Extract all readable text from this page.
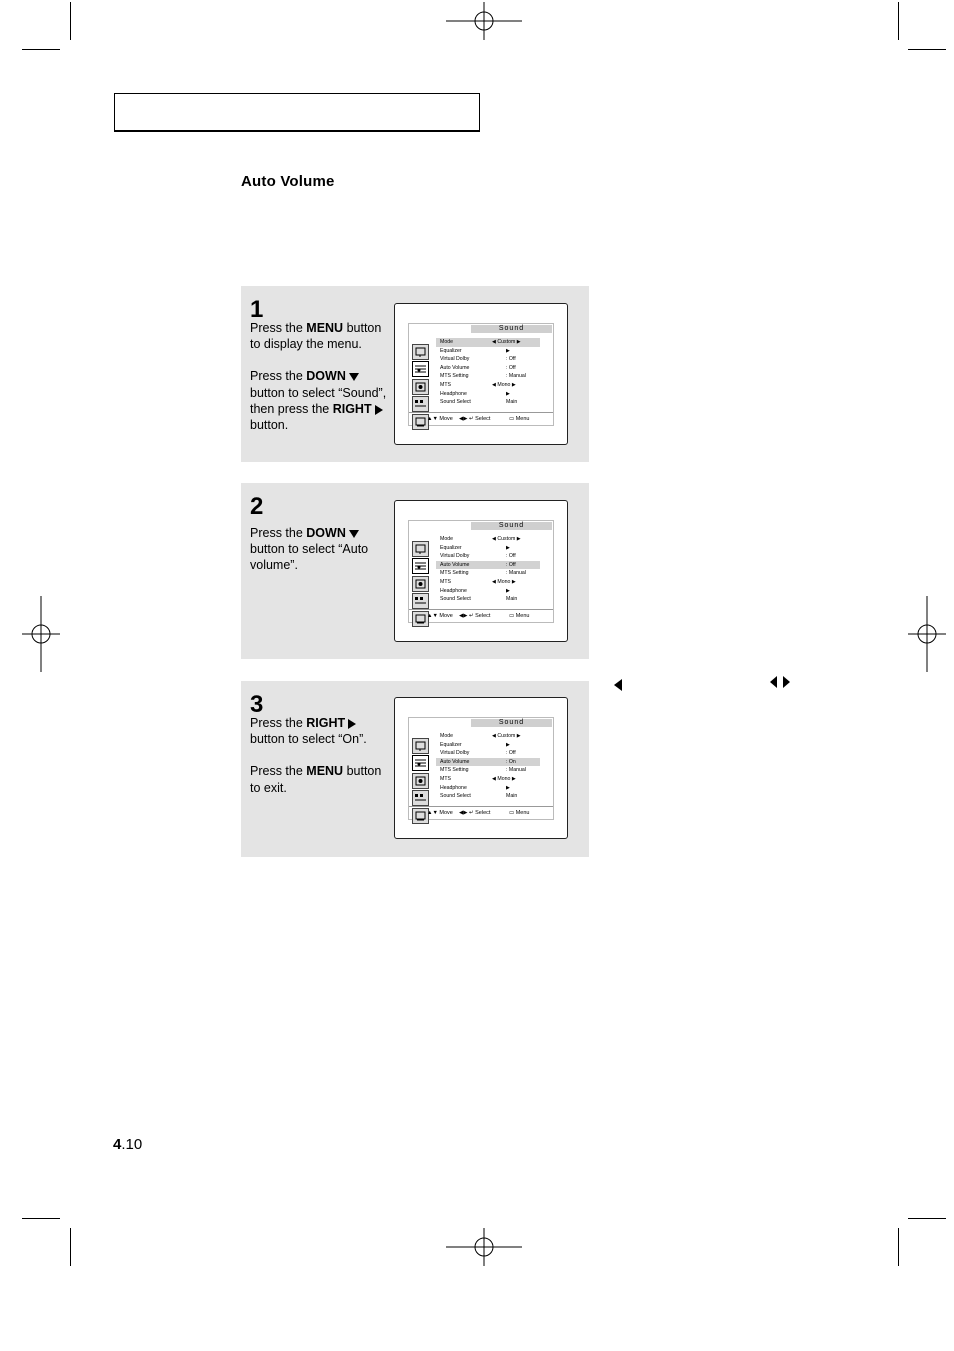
Auto Volume
1

Press the MENU button to display the menu.

Press the DOWN button to select “Sound”, then press the RIGHT button.

Sound
Mode	◀ Custom ▶
Equalizer	▶
Virtual Dolby	: Off
Auto Volume	: Off
MTS Setting	: Manual
MTS	◀ Mono ▶
Headphone	▶
Sound Select	Main
▲▼ Move ◀▶ ↵ Select	▭ Menu
2

Press the DOWN button to select “Auto volume”.

Sound
Mode	◀ Custom ▶
Equalizer	▶
Virtual Dolby	: Off
Auto Volume	: Off
MTS Setting	: Manual
MTS	◀ Mono ▶
Headphone	▶
Sound Select	Main
▲▼ Move ◀▶ ↵ Select	▭ Menu
3

Press the RIGHT button to select “On”.

Press the MENU button to exit.

Sound
Mode	◀ Custom ▶
Equalizer	▶
Virtual Dolby	: Off
Auto Volume	: On
MTS Setting	: Manual
MTS	◀ Mono ▶
Headphone	▶
Sound Select	Main
▲▼ Move ◀▶ ↵ Select	▭ Menu
4.10
